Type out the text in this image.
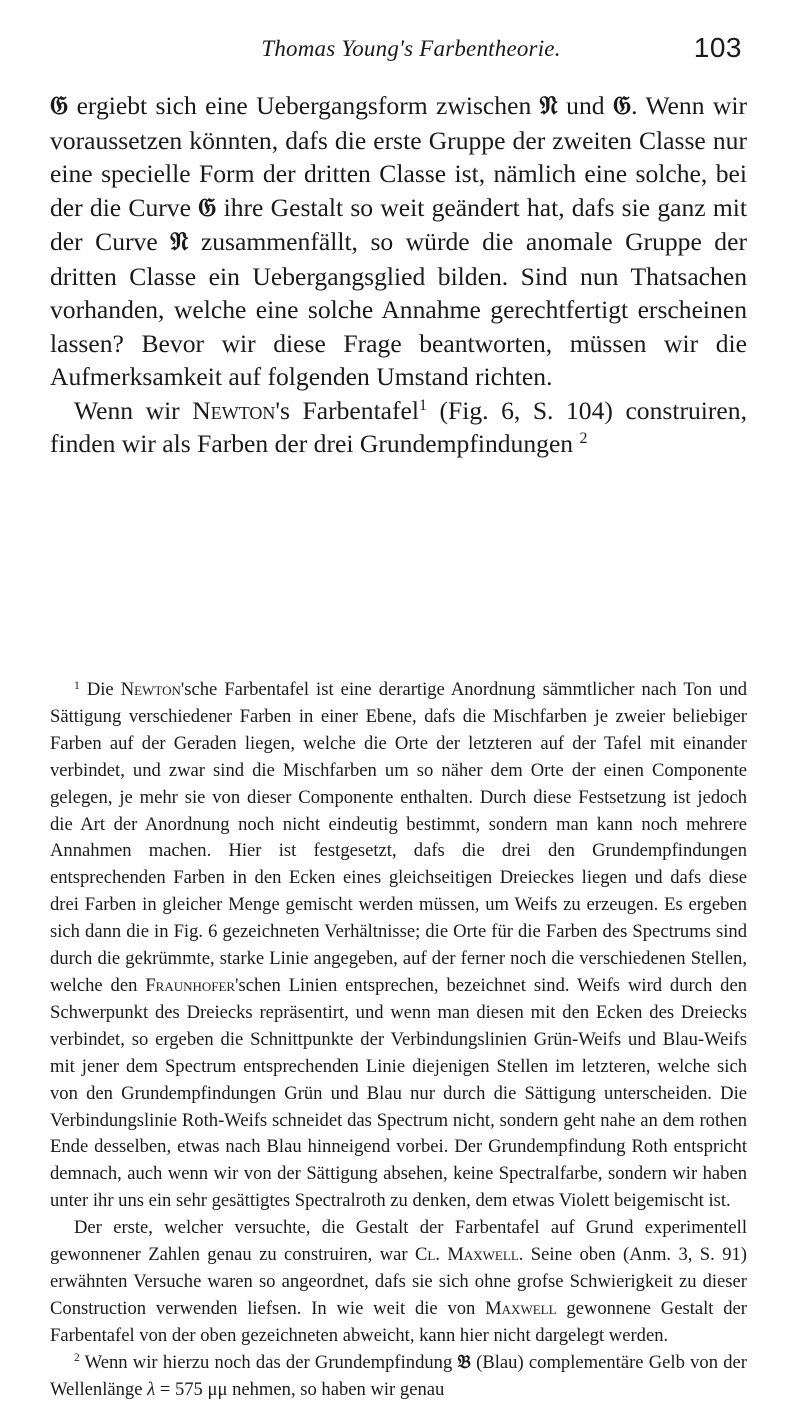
Thomas Young's Farbentheorie.	103

𝔊 ergiebt sich eine Uebergangsform zwischen 𝔑 und 𝔊. Wenn wir voraussetzen könnten, dafs die erste Gruppe der zweiten Classe nur eine specielle Form der dritten Classe ist, nämlich eine solche, bei der die Curve 𝔊 ihre Gestalt so weit geändert hat, dafs sie ganz mit der Curve 𝔑 zusammenfällt, so würde die anomale Gruppe der dritten Classe ein Uebergangsglied bilden. Sind nun Thatsachen vorhanden, welche eine solche Annahme gerechtfertigt erscheinen lassen? Bevor wir diese Frage beantworten, müssen wir die Aufmerksamkeit auf folgenden Umstand richten.

Wenn wir Newton's Farbentafel$^1$ (Fig. 6, S. 104) construiren, finden wir als Farben der drei Grundempfindungen $^2$

$^1$ Die Newton'sche Farbentafel ist eine derartige Anordnung sämmtlicher nach Ton und Sättigung verschiedener Farben in einer Ebene, dafs die Mischfarben je zweier beliebiger Farben auf der Geraden liegen, welche die Orte der letzteren auf der Tafel mit einander verbindet, und zwar sind die Mischfarben um so näher dem Orte der einen Componente gelegen, je mehr sie von dieser Componente enthalten. Durch diese Festsetzung ist jedoch die Art der Anordnung noch nicht eindeutig bestimmt, sondern man kann noch mehrere Annahmen machen. Hier ist festgesetzt, dafs die drei den Grundempfindungen entsprechenden Farben in den Ecken eines gleichseitigen Dreieckes liegen und dafs diese drei Farben in gleicher Menge gemischt werden müssen, um Weifs zu erzeugen. Es ergeben sich dann die in Fig. 6 gezeichneten Verhältnisse; die Orte für die Farben des Spectrums sind durch die gekrümmte, starke Linie angegeben, auf der ferner noch die verschiedenen Stellen, welche den Fraunhofer'schen Linien entsprechen, bezeichnet sind. Weifs wird durch den Schwerpunkt des Dreiecks repräsentirt, und wenn man diesen mit den Ecken des Dreiecks verbindet, so ergeben die Schnittpunkte der Verbindungslinien Grün-Weifs und Blau-Weifs mit jener dem Spectrum entsprechenden Linie diejenigen Stellen im letzteren, welche sich von den Grundempfindungen Grün und Blau nur durch die Sättigung unterscheiden. Die Verbindungslinie Roth-Weifs schneidet das Spectrum nicht, sondern geht nahe an dem rothen Ende desselben, etwas nach Blau hinneigend vorbei. Der Grundempfindung Roth entspricht demnach, auch wenn wir von der Sättigung absehen, keine Spectralfarbe, sondern wir haben unter ihr uns ein sehr gesättigtes Spectralroth zu denken, dem etwas Violett beigemischt ist.

Der erste, welcher versuchte, die Gestalt der Farbentafel auf Grund experimentell gewonnener Zahlen genau zu construiren, war Cl. Maxwell. Seine oben (Anm. 3, S. 91) erwähnten Versuche waren so angeordnet, dafs sie sich ohne grofse Schwierigkeit zu dieser Construction verwenden liefsen. In wie weit die von Maxwell gewonnene Gestalt der Farbentafel von der oben gezeichneten abweicht, kann hier nicht dargelegt werden.

$^2$ Wenn wir hierzu noch das der Grundempfindung 𝔅 (Blau) complementäre Gelb von der Wellenlänge λ = 575 μμ nehmen, so haben wir genau
